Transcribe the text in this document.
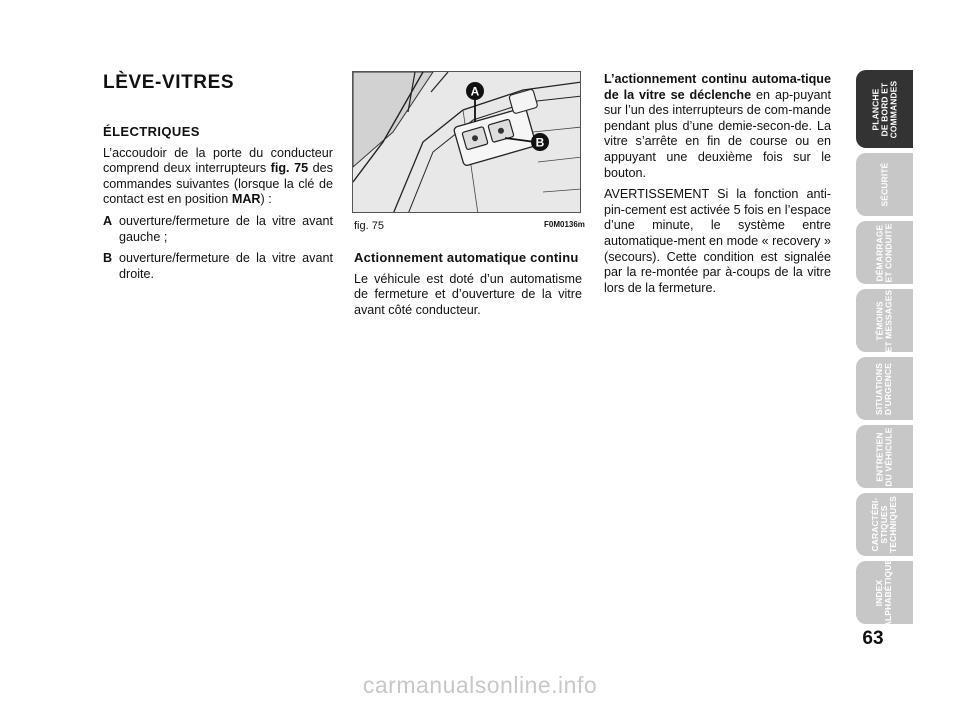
LÈVE-VITRES
ÉLECTRIQUES

L’accoudoir de la porte du conducteur comprend deux interrupteurs fig. 75 des commandes suivantes (lorsque la clé de contact est en position MAR) :

A ouverture/fermeture de la vitre avant gauche ;
B ouverture/fermeture de la vitre avant droite.
A
B
fig. 75	F0M0136m
Actionnement automatique continu

Le véhicule est doté d’un automatisme de fermeture et d’ouverture de la vitre avant côté conducteur.

L’actionnement continu automa-tique de la vitre se déclenche en ap-puyant sur l’un des interrupteurs de com-mande pendant plus d’une demie-secon-de. La vitre s’arrête en fin de course ou en appuyant une deuxième fois sur le bouton.

AVERTISSEMENT Si la fonction anti-pin-cement est activée 5 fois en l’espace d’une minute, le système entre automatique-ment en mode « recovery » (secours). Cette condition est signalée par la re-montée par à-coups de la vitre lors de la fermeture.

PLANCHE
DE BORD ET
COMMANDES
SÉCURITÉ
DÉMARRAGE
ET CONDUITE
TÉMOINS
ET MESSAGES
SITUATIONS
D’URGENCE
ENTRETIEN
DU VÉHICULE
CARACTÉRI-
STIQUES
TECHNIQUES
INDEX
ALPHABÉTIQUE
63
carmanualsonline.info
